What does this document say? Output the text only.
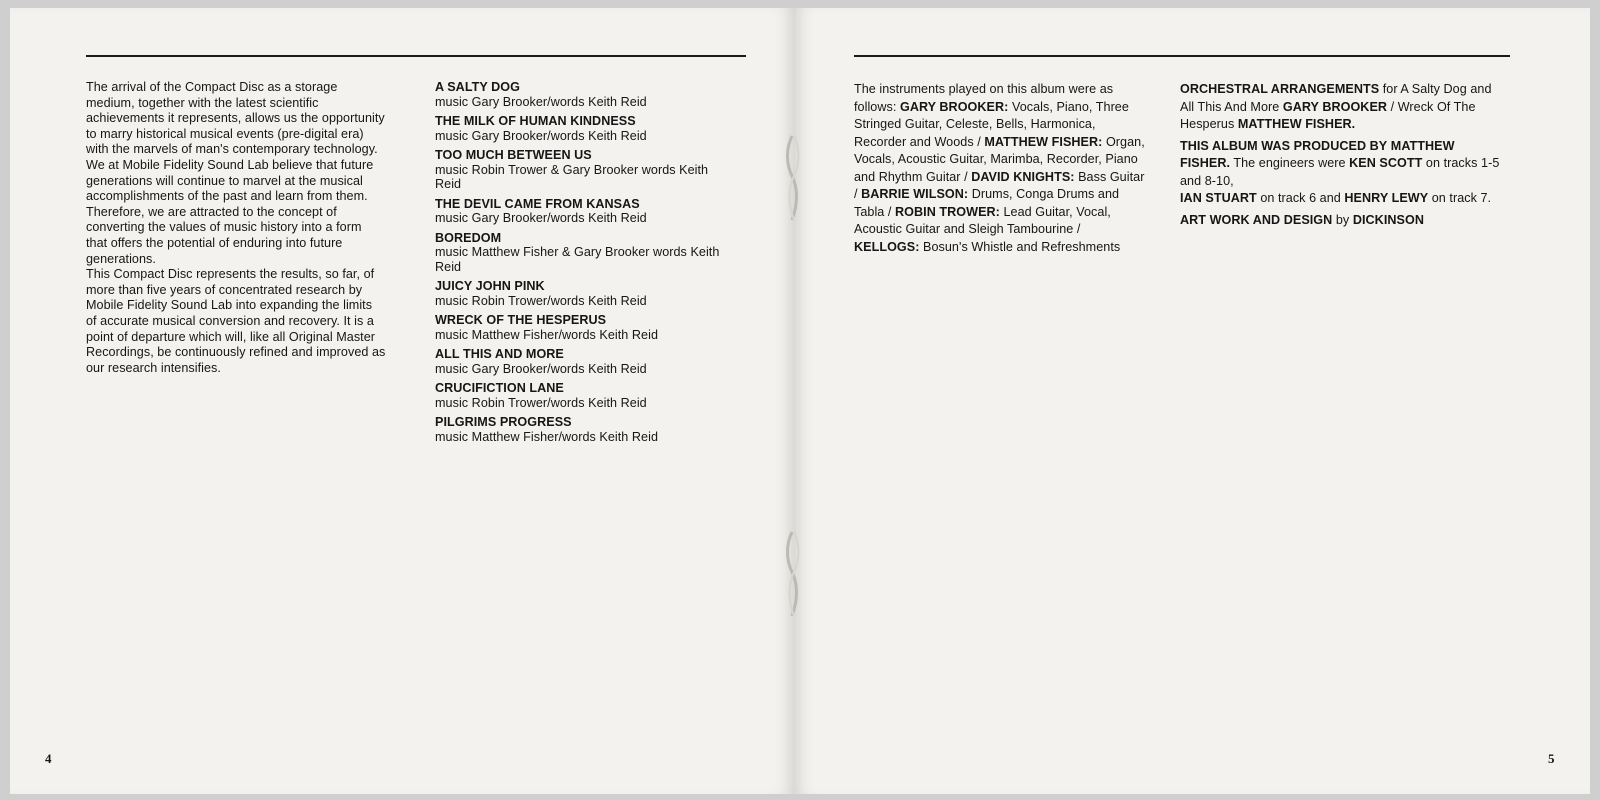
The arrival of the Compact Disc as a storage medium, together with the latest scientific achievements it represents, allows us the opportunity to marry historical musical events (pre-digital era) with the marvels of man's contemporary technology. We at Mobile Fidelity Sound Lab believe that future generations will continue to marvel at the musical accomplishments of the past and learn from them. Therefore, we are attracted to the concept of converting the values of music history into a form that offers the potential of enduring into future generations.

This Compact Disc represents the results, so far, of more than five years of concentrated research by Mobile Fidelity Sound Lab into expanding the limits of accurate musical conversion and recovery. It is a point of departure which will, like all Original Master Recordings, be continuously refined and improved as our research intensifies.

A SALTY DOG
music Gary Brooker/words Keith Reid
THE MILK OF HUMAN KINDNESS
music Gary Brooker/words Keith Reid
TOO MUCH BETWEEN US
music Robin Trower & Gary Brooker words Keith Reid
THE DEVIL CAME FROM KANSAS
music Gary Brooker/words Keith Reid
BOREDOM
music Matthew Fisher & Gary Brooker words Keith Reid
JUICY JOHN PINK
music Robin Trower/words Keith Reid
WRECK OF THE HESPERUS
music Matthew Fisher/words Keith Reid
ALL THIS AND MORE
music Gary Brooker/words Keith Reid
CRUCIFICTION LANE
music Robin Trower/words Keith Reid
PILGRIMS PROGRESS
music Matthew Fisher/words Keith Reid
4

The instruments played on this album were as follows: GARY BROOKER: Vocals, Piano, Three Stringed Guitar, Celeste, Bells, Harmonica, Recorder and Woods / MATTHEW FISHER: Organ, Vocals, Acoustic Guitar, Marimba, Recorder, Piano and Rhythm Guitar / DAVID KNIGHTS: Bass Guitar / BARRIE WILSON: Drums, Conga Drums and Tabla / ROBIN TROWER: Lead Guitar, Vocal, Acoustic Guitar and Sleigh Tambourine / KELLOGS: Bosun's Whistle and Refreshments

ORCHESTRAL ARRANGEMENTS for A Salty Dog and All This And More GARY BROOKER / Wreck Of The Hesperus MATTHEW FISHER.

THIS ALBUM WAS PRODUCED BY MATTHEW FISHER. The engineers were KEN SCOTT on tracks 1-5 and 8-10,
IAN STUART on track 6 and HENRY LEWY on track 7.

ART WORK AND DESIGN by DICKINSON

5
